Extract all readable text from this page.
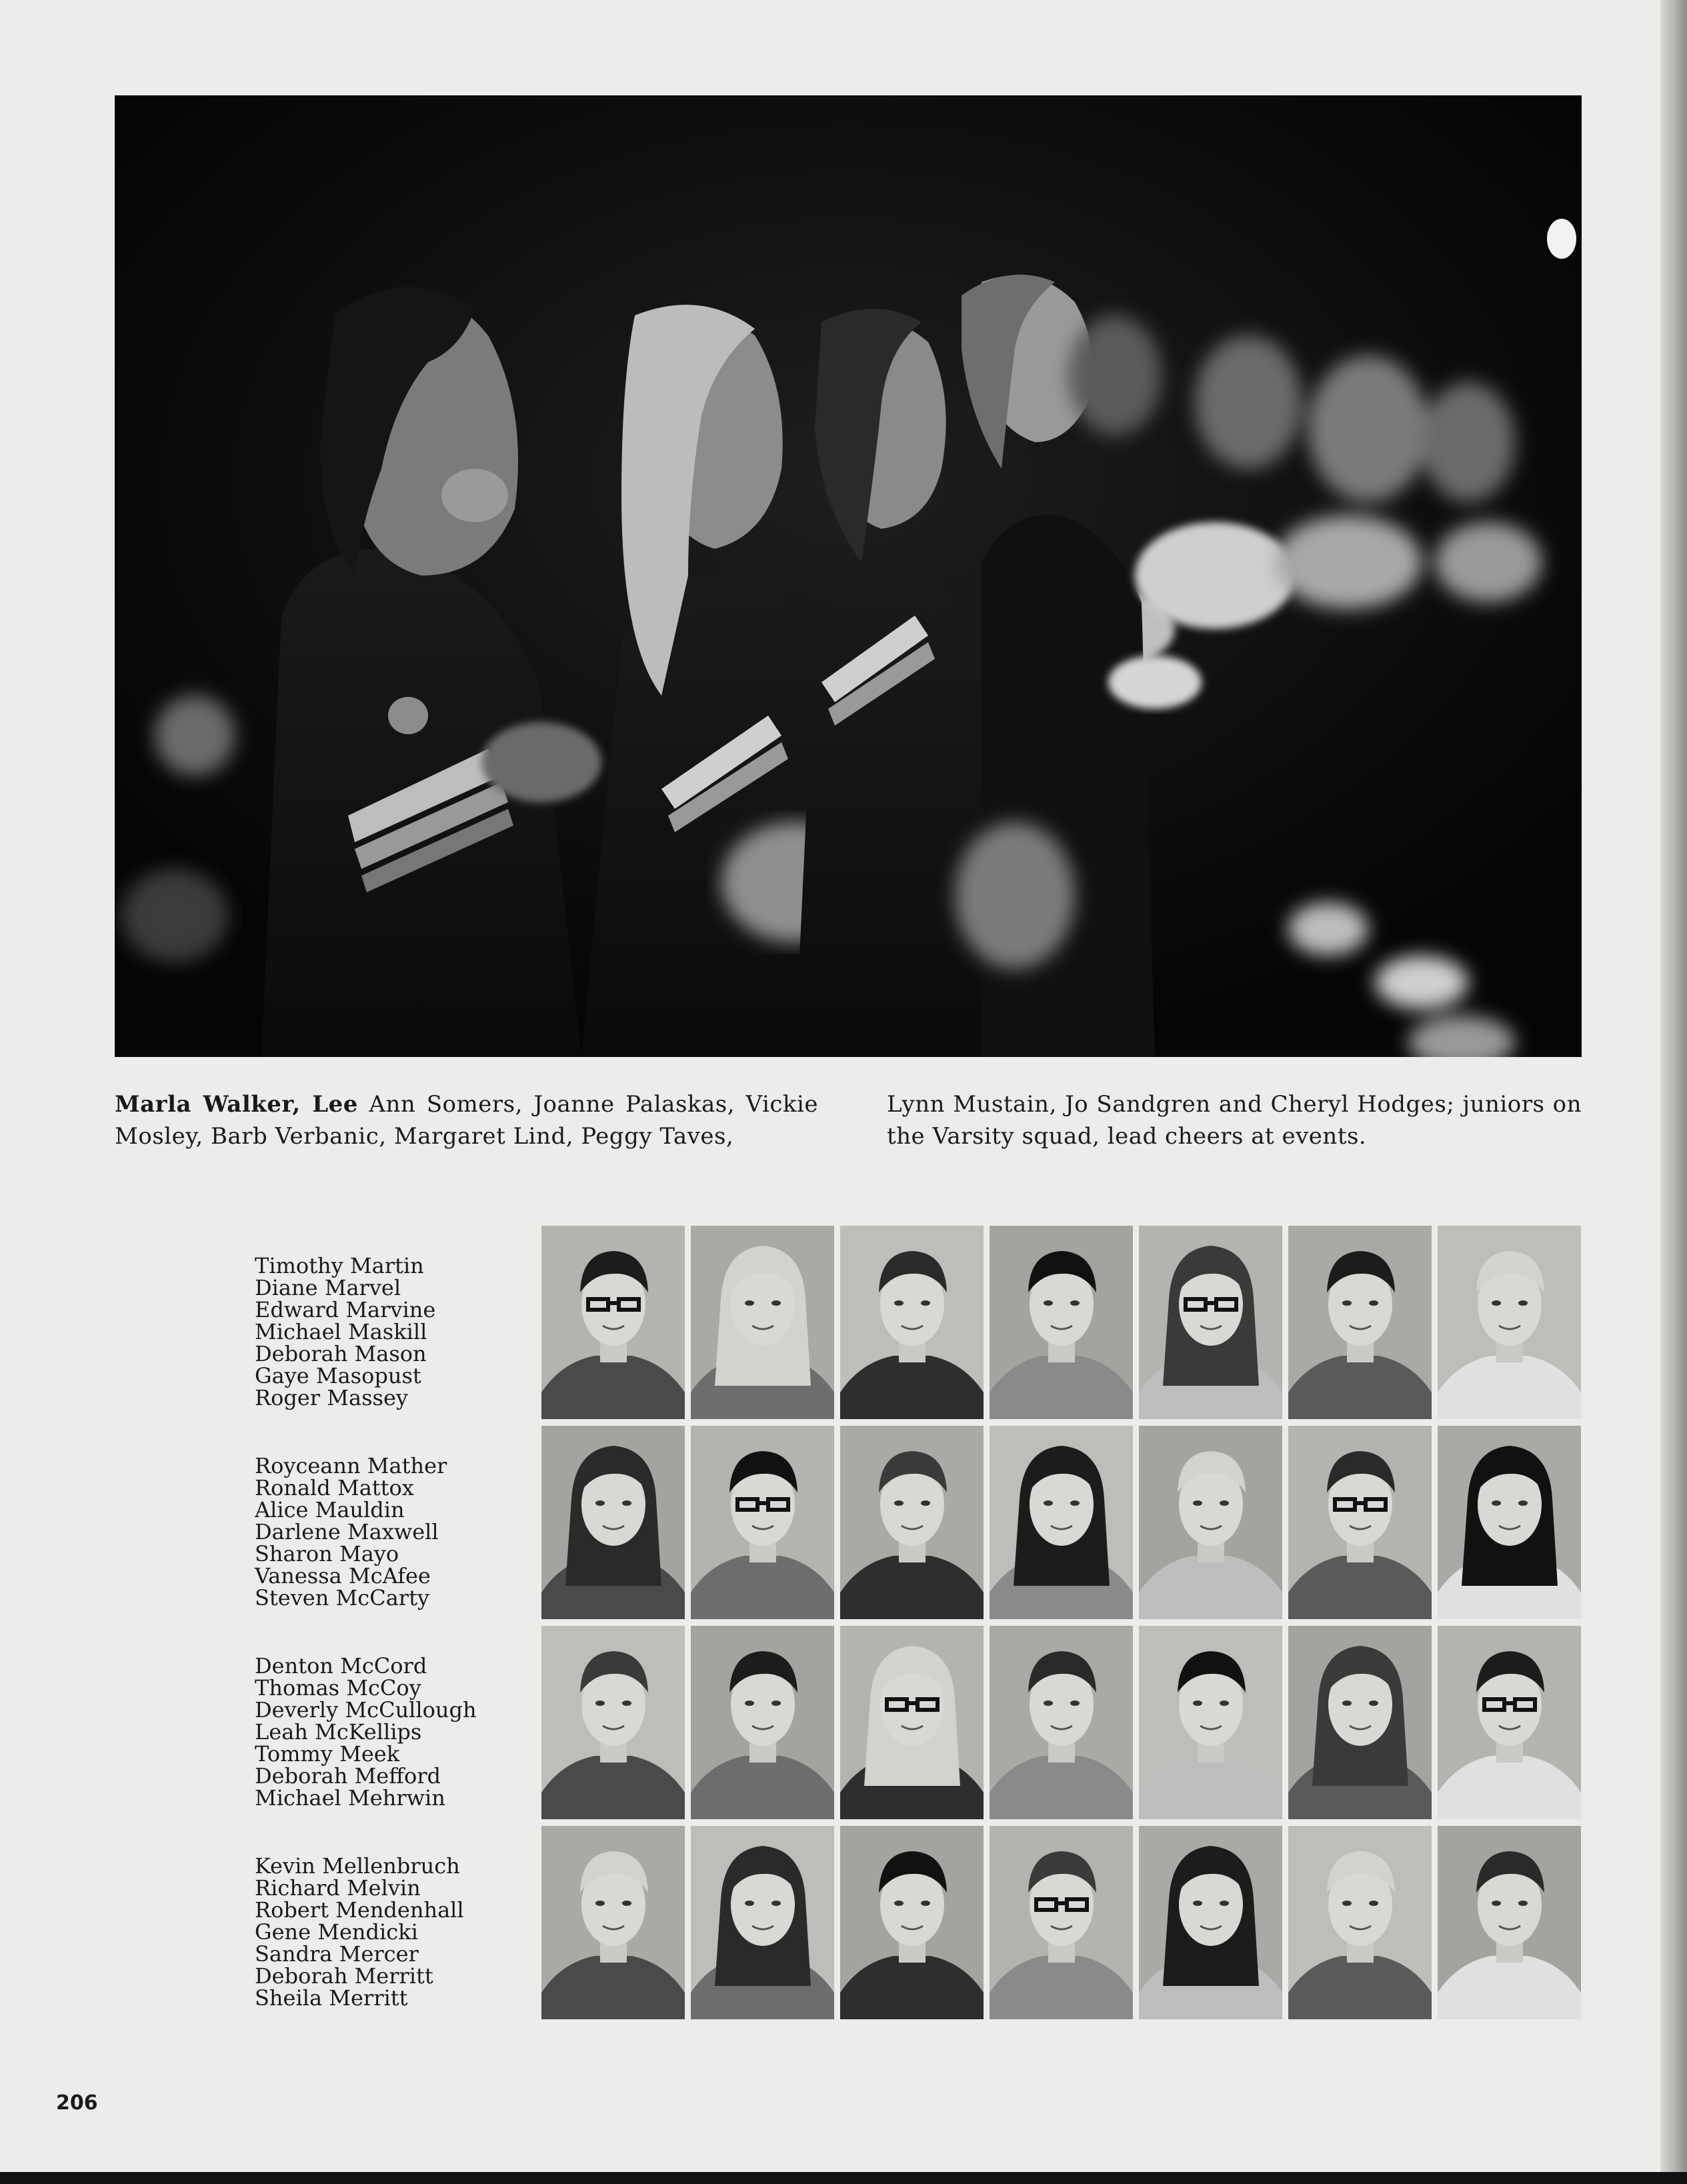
Marla Walker, Lee Ann Somers, Joanne Palaskas, Vickie Mosley, Barb Verbanic, Margaret Lind, Peggy Taves,
Lynn Mustain, Jo Sandgren and Cheryl Hodges; juniors on the Varsity squad, lead cheers at events.
Timothy Martin
Diane Marvel
Edward Marvine
Michael Maskill
Deborah Mason
Gaye Masopust
Roger Massey
Royceann Mather
Ronald Mattox
Alice Mauldin
Darlene Maxwell
Sharon Mayo
Vanessa McAfee
Steven McCarty
Denton McCord
Thomas McCoy
Deverly McCullough
Leah McKellips
Tommy Meek
Deborah Mefford
Michael Mehrwin
Kevin Mellenbruch
Richard Melvin
Robert Mendenhall
Gene Mendicki
Sandra Mercer
Deborah Merritt
Sheila Merritt
206
